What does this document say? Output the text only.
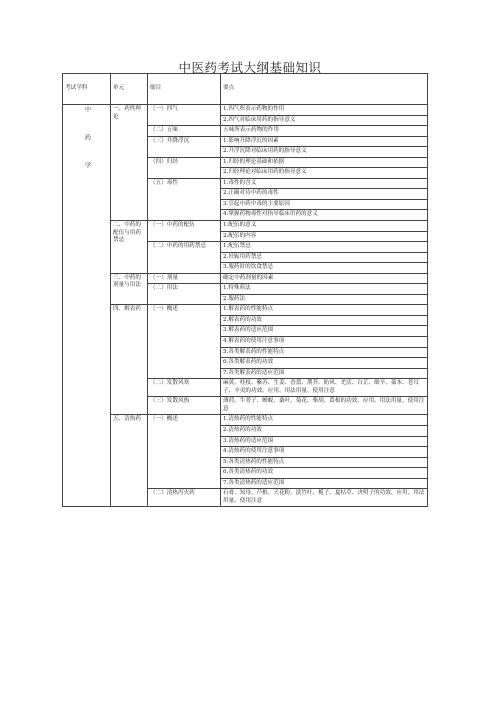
中医药考试大纲基础知识
考试学科	单元	细目	要点

中药学	一、药性理论	（一）四气	1.四气所表示药物的作用
			2.四气对临床用药的指导意义
		（二）五味	五味所表示药物的作用
		（三）升降浮沉	1.影响升降浮沉的因素
			2.升浮沉降对临床用药的指导意义
		（四）归经	1.归经的理论基础和依据
			2.归经理论对临床用药的指导意义
		（五）毒性	1.毒性的含义
			2.正确对待中药的毒性
			3.引起中药中毒的主要原因
			4.掌握药物毒性对指导临床用药的意义
	二、中药的配伍与用药禁忌	（一）中药的配伍	1.配伍的意义
			2.配伍的内容
		（二）中药的用药禁忌	1.配伍禁忌
			2.妊娠用药禁忌
			3.服药时的饮食禁忌
	三、中药的剂量与用法	（一）剂量	确定中药剂量的因素
		（二）用法	1.特殊煎法
			2.服药法
	四、解表药	（一）概述	1.解表药的性能特点
			2.解表药的功效
			3.解表药的适应范围
			4.解表药的使用注意事项
			5.各类解表药的性能特点
			6.各类解表药的功效
			7.各类解表药的适应范围
		（二）发散风寒	麻黄、桂枝、紫苏、生姜、香薷、荆芥、防风、羌活、白芷、细辛、藁本、苍耳子、辛夷的功效、应用、用法用量、使用注意
		（三）发散风热	薄荷、牛蒡子、蝉蜕、桑叶、菊花、柴胡、葛根的功效、应用、用法用量、使用注意
	五、清热药	（一）概述	1.清热药的性能特点
			2.清热药的功效
			3.清热药的适应范围
			4.清热药的使用注意事项
			5.各类清热药的性能特点
			6.各类清热药的功效
			7.各类清热药的适应范围
		（二）清热泻火药	石膏、知母、芦根、天花粉、淡竹叶、栀子、夏枯草、决明子的功效、应用、用法用量、使用注意
